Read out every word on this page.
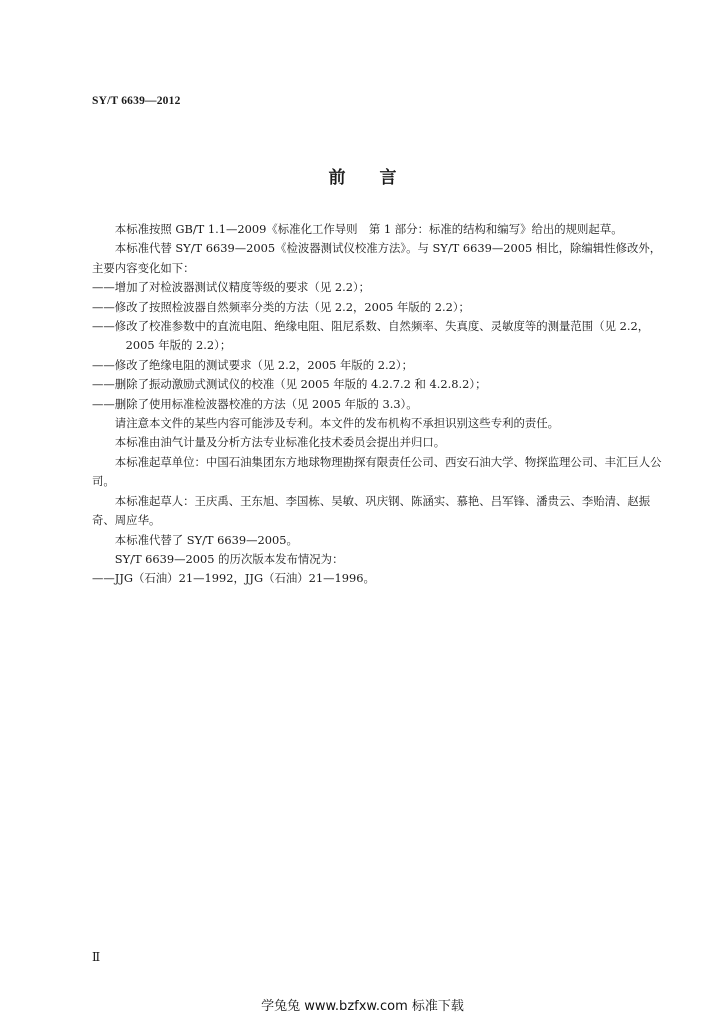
SY/T 6639—2012
前 言

本标准按照 GB/T 1.1—2009《标准化工作导则　第 1 部分：标准的结构和编写》给出的规则起草。

本标准代替 SY/T 6639—2005《检波器测试仪校准方法》。与 SY/T 6639—2005 相比，除编辑性修改外，主要内容变化如下：

——增加了对检波器测试仪精度等级的要求（见 2.2）；

——修改了按照检波器自然频率分类的方法（见 2.2，2005 年版的 2.2）；

——修改了校准参数中的直流电阻、绝缘电阻、阻尼系数、自然频率、失真度、灵敏度等的测量范围（见 2.2，2005 年版的 2.2）；

——修改了绝缘电阻的测试要求（见 2.2，2005 年版的 2.2）；

——删除了振动激励式测试仪的校准（见 2005 年版的 4.2.7.2 和 4.2.8.2）；

——删除了使用标准检波器校准的方法（见 2005 年版的 3.3）。

请注意本文件的某些内容可能涉及专利。本文件的发布机构不承担识别这些专利的责任。

本标准由油气计量及分析方法专业标准化技术委员会提出并归口。

本标准起草单位：中国石油集团东方地球物理勘探有限责任公司、西安石油大学、物探监理公司、丰汇巨人公司。

本标准起草人：王庆禹、王东旭、李国栋、吴敏、巩庆钢、陈涵实、慕艳、吕军锋、潘贵云、李贻清、赵振奇、周应华。

本标准代替了 SY/T 6639—2005。

SY/T 6639—2005 的历次版本发布情况为：

——JJG（石油）21—1992，JJG（石油）21—1996。

Ⅱ
学兔兔 www.bzfxw.com 标准下载
